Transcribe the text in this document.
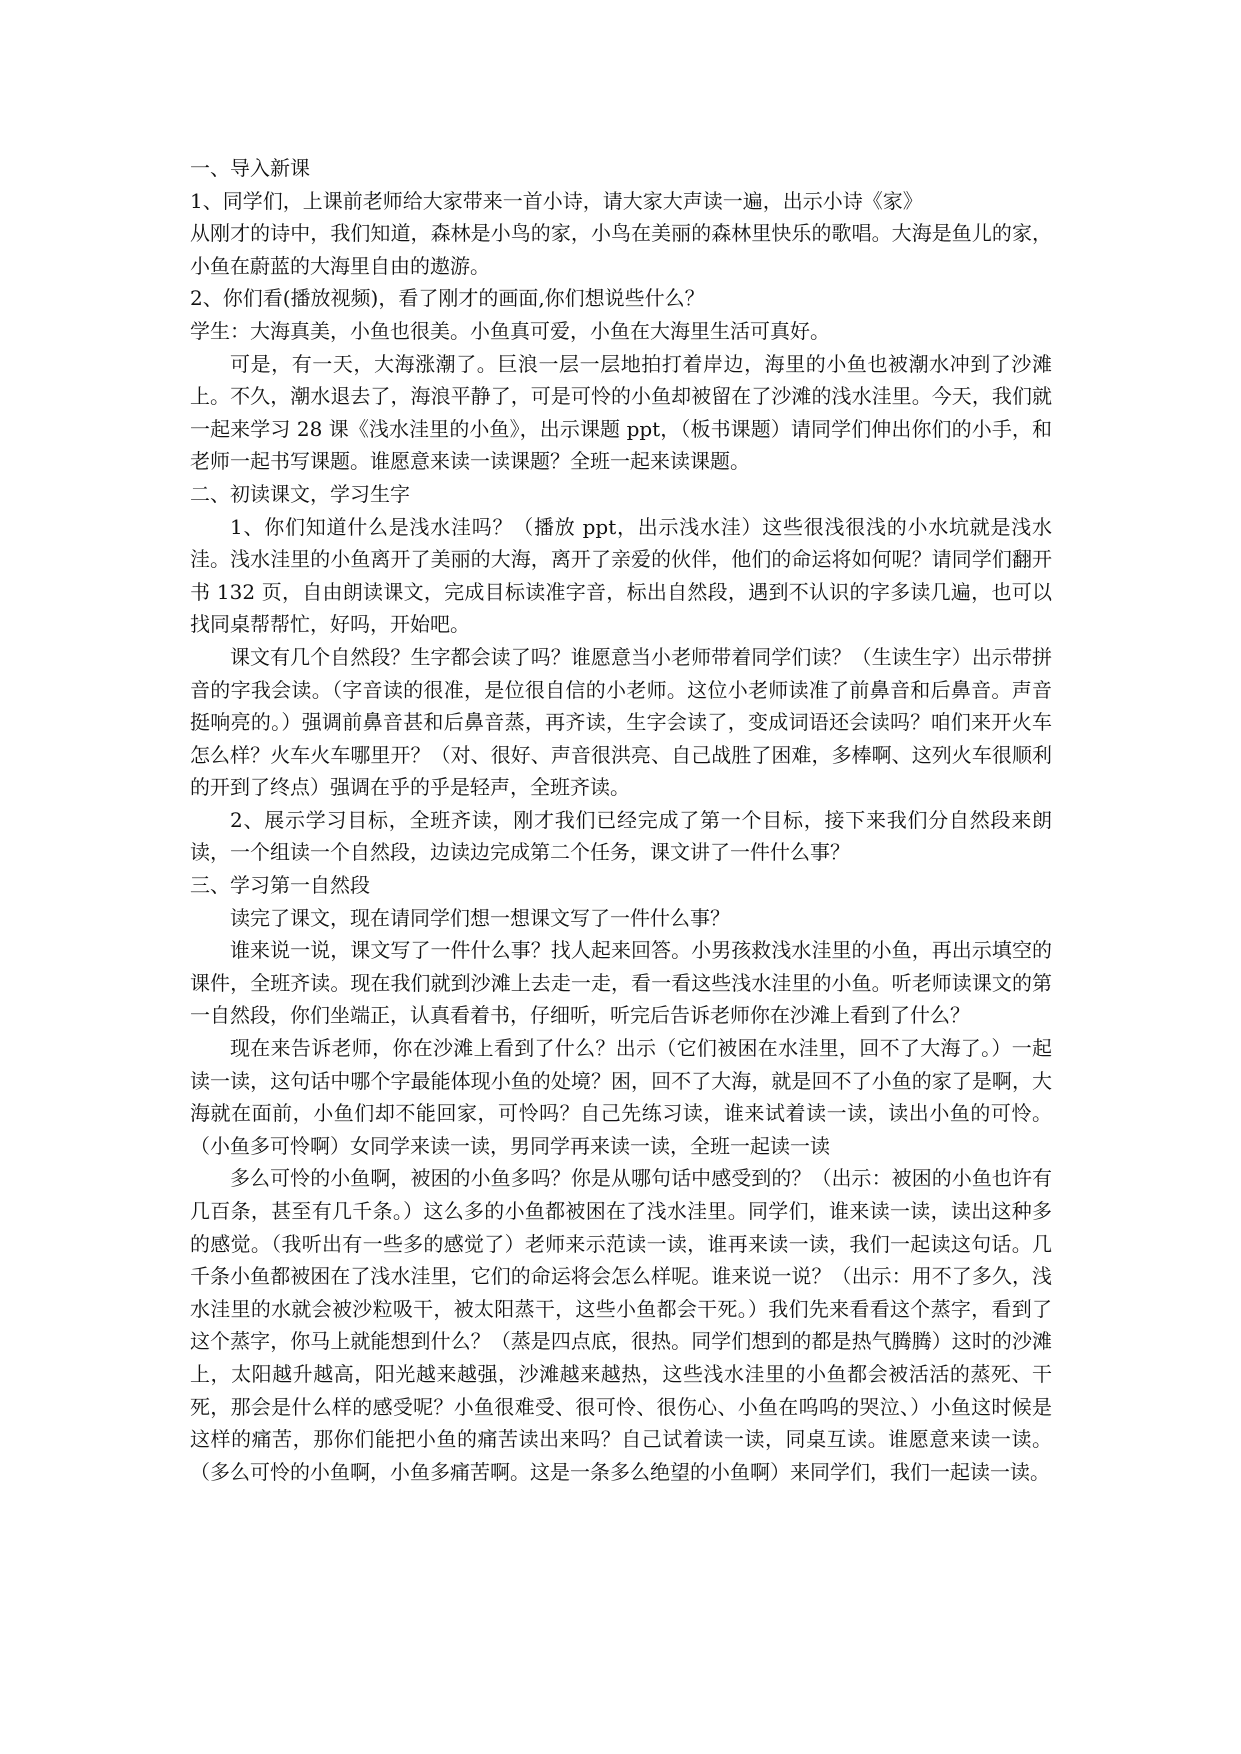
一、导入新课

1、同学们，上课前老师给大家带来一首小诗，请大家大声读一遍，出示小诗《家》

从刚才的诗中，我们知道，森林是小鸟的家，小鸟在美丽的森林里快乐的歌唱。大海是鱼儿的家，小鱼在蔚蓝的大海里自由的遨游。

2、你们看(播放视频)，看了刚才的画面,你们想说些什么？

学生：大海真美，小鱼也很美。小鱼真可爱，小鱼在大海里生活可真好。

可是，有一天，大海涨潮了。巨浪一层一层地拍打着岸边，海里的小鱼也被潮水冲到了沙滩上。不久，潮水退去了，海浪平静了，可是可怜的小鱼却被留在了沙滩的浅水洼里。今天，我们就一起来学习 28 课《浅水洼里的小鱼》，出示课题 ppt，（板书课题）请同学们伸出你们的小手，和老师一起书写课题。谁愿意来读一读课题？全班一起来读课题。

二、初读课文，学习生字

1、你们知道什么是浅水洼吗？（播放 ppt，出示浅水洼）这些很浅很浅的小水坑就是浅水洼。浅水洼里的小鱼离开了美丽的大海，离开了亲爱的伙伴，他们的命运将如何呢？请同学们翻开书 132 页，自由朗读课文，完成目标读准字音，标出自然段，遇到不认识的字多读几遍，也可以找同桌帮帮忙，好吗，开始吧。

课文有几个自然段？生字都会读了吗？谁愿意当小老师带着同学们读？（生读生字）出示带拼音的字我会读。（字音读的很准，是位很自信的小老师。这位小老师读准了前鼻音和后鼻音。声音挺响亮的。）强调前鼻音甚和后鼻音蒸，再齐读，生字会读了，变成词语还会读吗？咱们来开火车怎么样？火车火车哪里开？（对、很好、声音很洪亮、自己战胜了困难，多棒啊、这列火车很顺利的开到了终点）强调在乎的乎是轻声，全班齐读。

2、展示学习目标，全班齐读，刚才我们已经完成了第一个目标，接下来我们分自然段来朗读，一个组读一个自然段，边读边完成第二个任务，课文讲了一件什么事？

三、学习第一自然段

读完了课文，现在请同学们想一想课文写了一件什么事？

谁来说一说，课文写了一件什么事？找人起来回答。小男孩救浅水洼里的小鱼，再出示填空的课件，全班齐读。现在我们就到沙滩上去走一走，看一看这些浅水洼里的小鱼。听老师读课文的第一自然段，你们坐端正，认真看着书，仔细听，听完后告诉老师你在沙滩上看到了什么？

现在来告诉老师，你在沙滩上看到了什么？出示（它们被困在水洼里，回不了大海了。）一起读一读，这句话中哪个字最能体现小鱼的处境？困，回不了大海，就是回不了小鱼的家了是啊，大海就在面前，小鱼们却不能回家，可怜吗？自己先练习读，谁来试着读一读，读出小鱼的可怜。（小鱼多可怜啊）女同学来读一读，男同学再来读一读，全班一起读一读

多么可怜的小鱼啊，被困的小鱼多吗？你是从哪句话中感受到的？（出示：被困的小鱼也许有几百条，甚至有几千条。）这么多的小鱼都被困在了浅水洼里。同学们，谁来读一读，读出这种多的感觉。（我听出有一些多的感觉了）老师来示范读一读，谁再来读一读，我们一起读这句话。几千条小鱼都被困在了浅水洼里，它们的命运将会怎么样呢。谁来说一说？（出示：用不了多久，浅水洼里的水就会被沙粒吸干，被太阳蒸干，这些小鱼都会干死。）我们先来看看这个蒸字，看到了这个蒸字，你马上就能想到什么？（蒸是四点底，很热。同学们想到的都是热气腾腾）这时的沙滩上，太阳越升越高，阳光越来越强，沙滩越来越热，这些浅水洼里的小鱼都会被活活的蒸死、干死，那会是什么样的感受呢？小鱼很难受、很可怜、很伤心、小鱼在呜呜的哭泣、）小鱼这时候是这样的痛苦，那你们能把小鱼的痛苦读出来吗？自己试着读一读，同桌互读。谁愿意来读一读。（多么可怜的小鱼啊，小鱼多痛苦啊。这是一条多么绝望的小鱼啊）来同学们，我们一起读一读。
